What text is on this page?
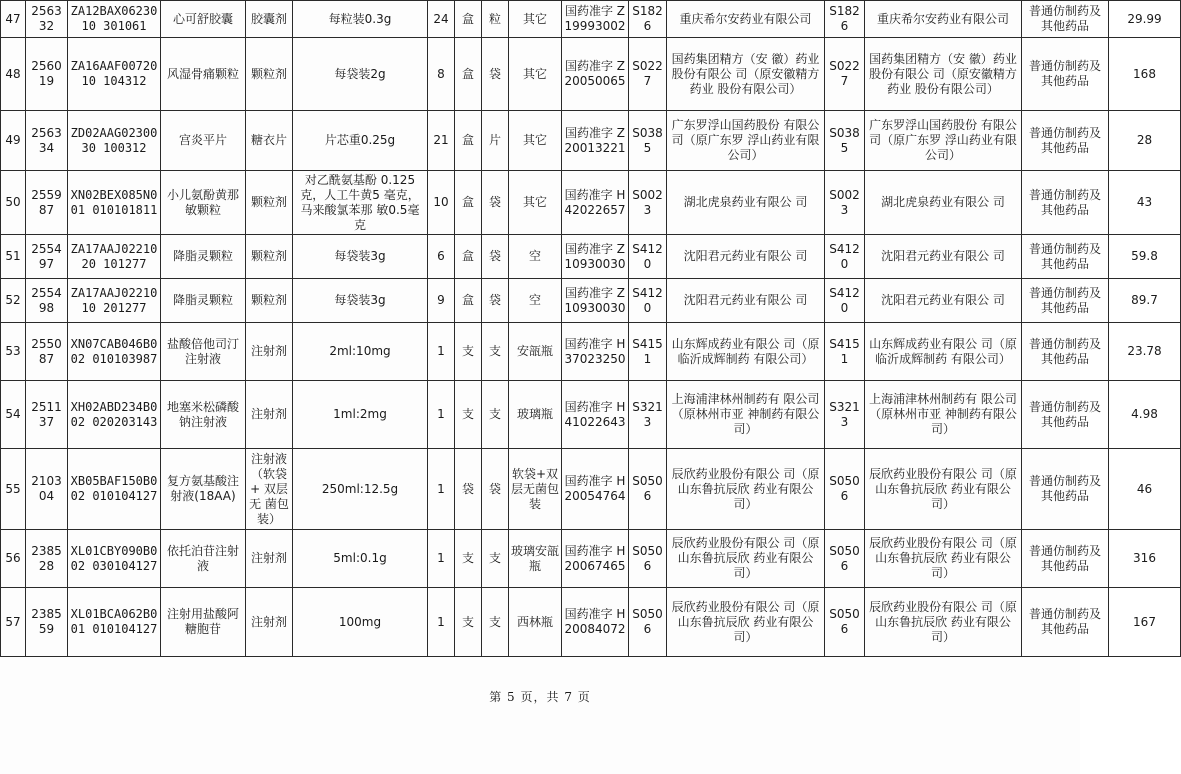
47	256332	ZA12BAX0623010 301061	心可舒胶囊	胶囊剂	每粒装0.3g	24	盒	粒	其它	国药准字 Z19993002	S1826	重庆希尔安药业有限公司	S1826	重庆希尔安药业有限公司	普通仿制药及 其他药品	29.99
48	256019	ZA16AAF0072010 104312	风湿骨痛颗粒	颗粒剂	每袋装2g	8	盒	袋	其它	国药准字 Z20050065	S0227	国药集团精方（安 徽）药业股份有限公 司（原安徽精方药业 股份有限公司）	S0227	国药集团精方（安 徽）药业股份有限公 司（原安徽精方药业 股份有限公司）	普通仿制药及 其他药品	168
49	256334	ZD02AAG0230030 100312	宫炎平片	糖衣片	片芯重0.25g	21	盒	片	其它	国药准字 Z20013221	S0385	广东罗浮山国药股份 有限公司（原广东罗 浮山药业有限公司）	S0385	广东罗浮山国药股份 有限公司（原广东罗 浮山药业有限公司）	普通仿制药及 其他药品	28
50	255987	XN02BEX085N001 010101811	小儿氨酚黄那 敏颗粒	颗粒剂	对乙酰氨基酚 0.125克，人工牛黄5 毫克，马来酸氯苯那 敏0.5毫克	10	盒	袋	其它	国药准字 H42022657	S0023	湖北虎泉药业有限公 司	S0023	湖北虎泉药业有限公 司	普通仿制药及 其他药品	43
51	255497	ZA17AAJ0221020 101277	降脂灵颗粒	颗粒剂	每袋装3g	6	盒	袋	空	国药准字 Z10930030	S4120	沈阳君元药业有限公 司	S4120	沈阳君元药业有限公 司	普通仿制药及 其他药品	59.8
52	255498	ZA17AAJ0221010 201277	降脂灵颗粒	颗粒剂	每袋装3g	9	盒	袋	空	国药准字 Z10930030	S4120	沈阳君元药业有限公 司	S4120	沈阳君元药业有限公 司	普通仿制药及 其他药品	89.7
53	255087	XN07CAB046B002 010103987	盐酸倍他司汀 注射液	注射剂	2ml:10mg	1	支	支	安瓿瓶	国药准字 H37023250	S4151	山东辉成药业有限公 司（原临沂成辉制药 有限公司）	S4151	山东辉成药业有限公 司（原临沂成辉制药 有限公司）	普通仿制药及 其他药品	23.78
54	251137	XH02ABD234B002 020203143	地塞米松磷酸 钠注射液	注射剂	1ml:2mg	1	支	支	玻璃瓶	国药准字 H41022643	S3213	上海浦津林州制药有 限公司（原林州市亚 神制药有限公司）	S3213	上海浦津林州制药有 限公司（原林州市亚 神制药有限公司）	普通仿制药及 其他药品	4.98
55	210304	XB05BAF150B002 010104127	复方氨基酸注 射液(18AA)	注射液 （软袋+ 双层无 菌包 装）	250ml:12.5g	1	袋	袋	软袋+双 层无菌包 装	国药准字 H20054764	S0506	辰欣药业股份有限公 司（原山东鲁抗辰欣 药业有限公司）	S0506	辰欣药业股份有限公 司（原山东鲁抗辰欣 药业有限公司）	普通仿制药及 其他药品	46
56	238528	XL01CBY090B002 030104127	依托泊苷注射 液	注射剂	5ml:0.1g	1	支	支	玻璃安瓿 瓶	国药准字 H20067465	S0506	辰欣药业股份有限公 司（原山东鲁抗辰欣 药业有限公司）	S0506	辰欣药业股份有限公 司（原山东鲁抗辰欣 药业有限公司）	普通仿制药及 其他药品	316
57	238559	XL01BCA062B001 010104127	注射用盐酸阿 糖胞苷	注射剂	100mg	1	支	支	西林瓶	国药准字 H20084072	S0506	辰欣药业股份有限公 司（原山东鲁抗辰欣 药业有限公司）	S0506	辰欣药业股份有限公 司（原山东鲁抗辰欣 药业有限公司）	普通仿制药及 其他药品	167
第 5 页，共 7 页
